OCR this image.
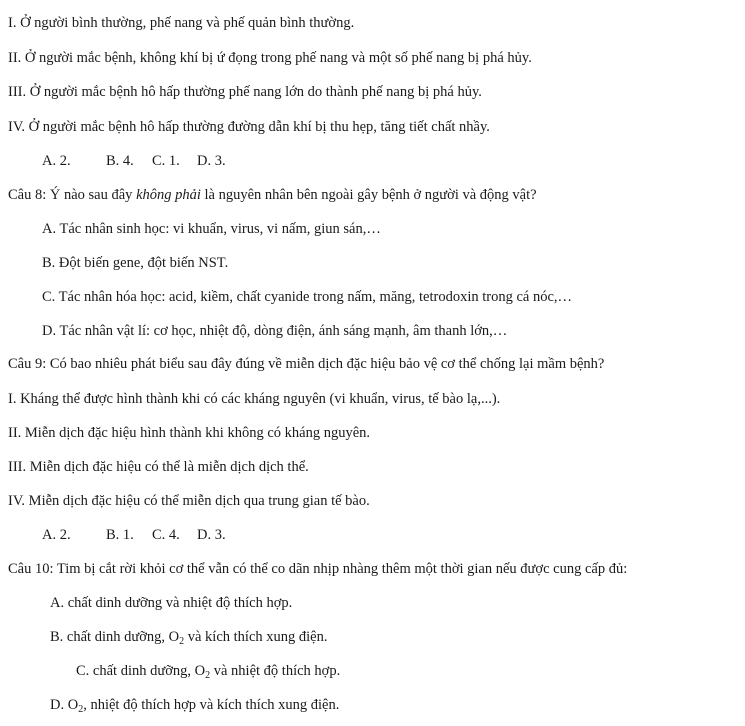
I. Ở người bình thường, phế nang và phế quản bình thường.
II. Ở người mắc bệnh, không khí bị ứ đọng trong phế nang và một số phế nang bị phá hủy.
III. Ở người mắc bệnh hô hấp thường phế nang lớn do thành phế nang bị phá hủy.
IV. Ở người mắc bệnh hô hấp thường đường dẫn khí bị thu hẹp, tăng tiết chất nhầy.
A. 2. B. 4. C. 1. D. 3.
Câu 8: Ý nào sau đây không phải là nguyên nhân bên ngoài gây bệnh ở người và động vật?
A. Tác nhân sinh học: vi khuẩn, virus, vi nấm, giun sán,…
B. Đột biến gene, đột biến NST.
C. Tác nhân hóa học: acid, kiềm, chất cyanide trong nấm, măng, tetrodoxin trong cá nóc,…
D. Tác nhân vật lí: cơ học, nhiệt độ, dòng điện, ánh sáng mạnh, âm thanh lớn,…
Câu 9: Có bao nhiêu phát biểu sau đây đúng về miễn dịch đặc hiệu bảo vệ cơ thể chống lại mầm bệnh?
I. Kháng thể được hình thành khi có các kháng nguyên (vi khuẩn, virus, tế bào lạ,...).
II. Miễn dịch đặc hiệu hình thành khi không có kháng nguyên.
III. Miễn dịch đặc hiệu có thể là miễn dịch dịch thể.
IV. Miễn dịch đặc hiệu có thể miễn dịch qua trung gian tế bào.
A. 2. B. 1. C. 4. D. 3.
Câu 10: Tim bị cắt rời khỏi cơ thể vẫn có thể co dãn nhịp nhàng thêm một thời gian nếu được cung cấp đủ:
A. chất dinh dưỡng và nhiệt độ thích hợp.
B. chất dinh dưỡng, $O_2$ và kích thích xung điện.
C. chất dinh dưỡng, $O_2$ và nhiệt độ thích hợp.
D. $O_2$, nhiệt độ thích hợp và kích thích xung điện.
